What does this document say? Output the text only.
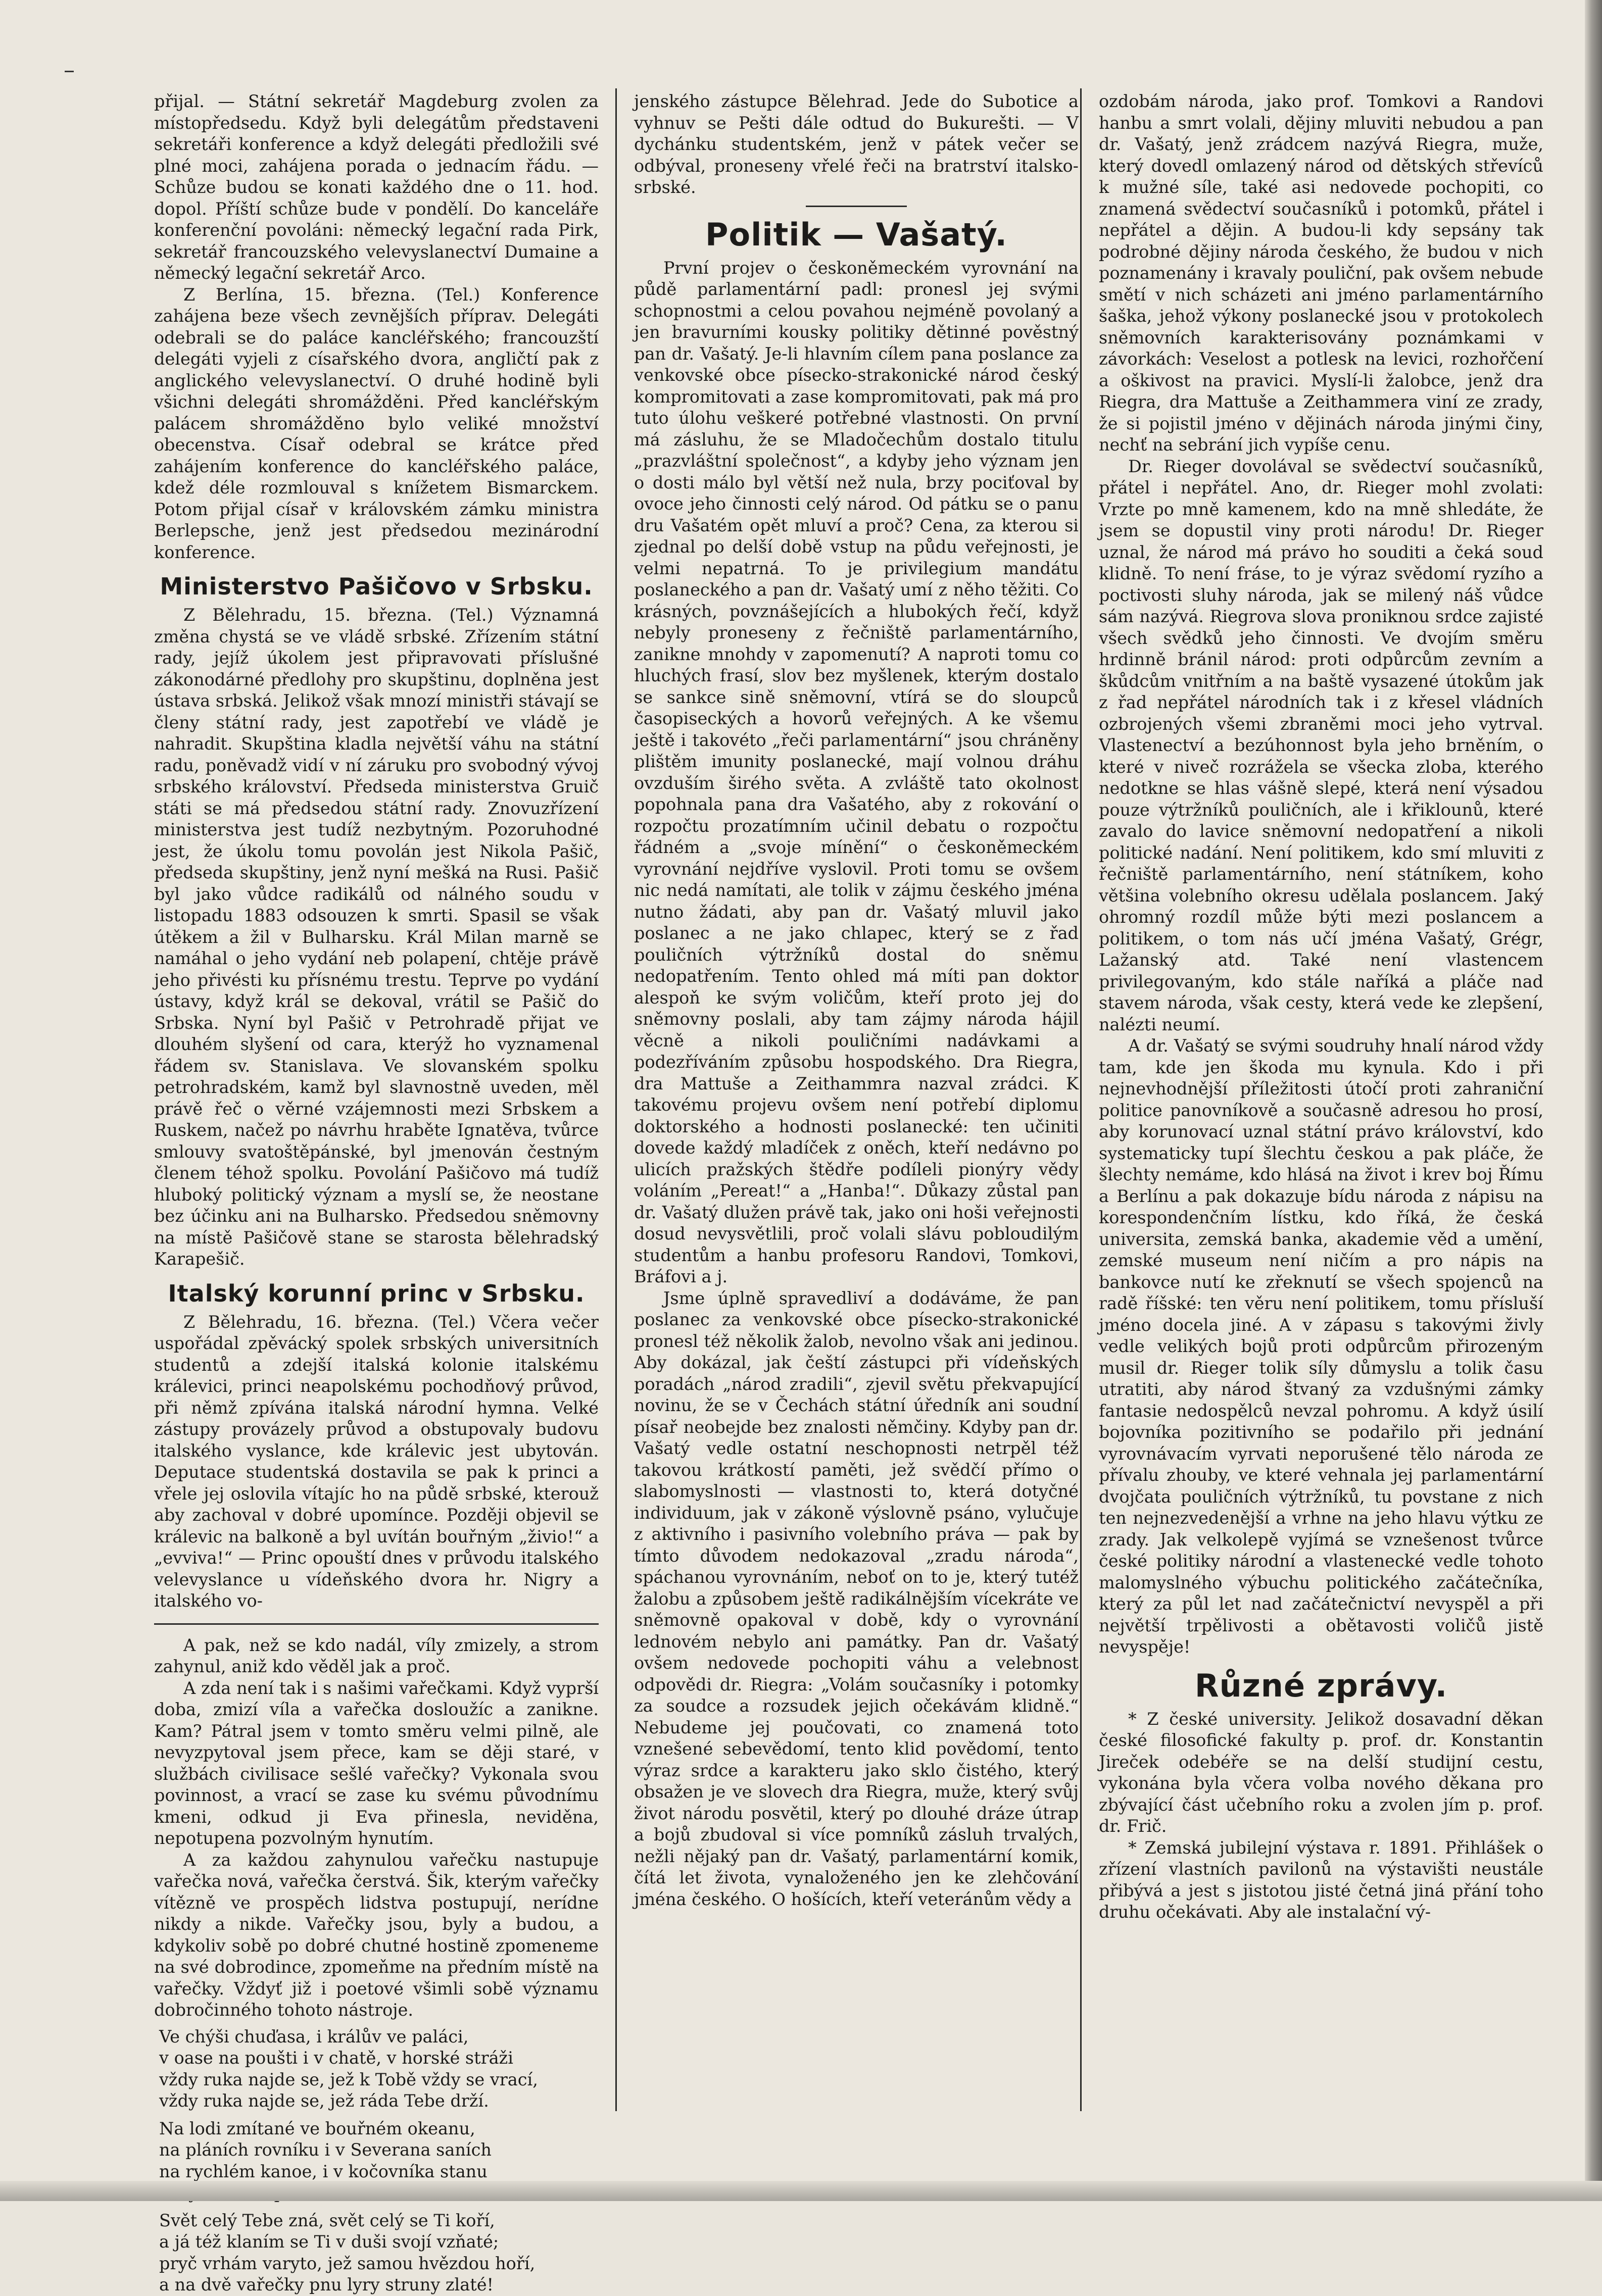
přijal. — Státní sekretář Magdeburg zvolen za místopředsedu. Když byli delegátům představeni sekretáři konference a když delegáti předložili své plné moci, zahájena porada o jednacím řádu. — Schůze budou se konati každého dne o 11. hod. dopol. Příští schůze bude v pondělí. Do kanceláře konferenční povoláni: německý legační rada Pirk, sekretář francouzského velevyslanectví Dumaine a německý legační sekretář Arco.

Z Berlína, 15. března. (Tel.) Konference zahájena beze všech zevnějších příprav. Delegáti odebrali se do paláce kancléřského; francouzští delegáti vyjeli z císařského dvora, angličtí pak z anglického velevyslanectví. O druhé hodině byli všichni delegáti shromážděni. Před kancléřským palácem shromážděno bylo veliké množství obecenstva. Císař odebral se krátce před zahájením konference do kancléřského paláce, kdež déle rozmlouval s knížetem Bismarckem. Potom přijal císař v královském zámku ministra Berlepsche, jenž jest předsedou mezinárodní konference.

Ministerstvo Pašičovo v Srbsku.

Z Bělehradu, 15. března. (Tel.) Významná změna chystá se ve vládě srbské. Zřízením státní rady, jejíž úkolem jest připravovati příslušné zákonodárné předlohy pro skupštinu, doplněna jest ústava srbská. Jelikož však mnozí ministři stávají se členy státní rady, jest zapotřebí ve vládě je nahradit. Skupština kladla největší váhu na státní radu, poněvadž vidí v ní záruku pro svobodný vývoj srbského království. Předseda ministerstva Gruič státi se má předsedou státní rady. Znovuzřízení ministerstva jest tudíž nezbytným. Pozoruhodné jest, že úkolu tomu povolán jest Nikola Pašič, předseda skupštiny, jenž nyní mešká na Rusi. Pašič byl jako vůdce radikálů od nálného soudu v listopadu 1883 odsouzen k smrti. Spasil se však útěkem a žil v Bulharsku. Král Milan marně se namáhal o jeho vydání neb polapení, chtěje právě jeho přivésti ku přísnému trestu. Teprve po vydání ústavy, když král se dekoval, vrátil se Pašič do Srbska. Nyní byl Pašič v Petrohradě přijat ve dlouhém slyšení od cara, kterýž ho vyznamenal řádem sv. Stanislava. Ve slovanském spolku petrohradském, kamž byl slavnostně uveden, měl právě řeč o věrné vzájemnosti mezi Srbskem a Ruskem, načež po návrhu hraběte Ignatěva, tvůrce smlouvy svatoštěpánské, byl jmenován čestným členem téhož spolku. Povolání Pašičovo má tudíž hluboký politický význam a myslí se, že neostane bez účinku ani na Bulharsko. Předsedou sněmovny na místě Pašičově stane se starosta bělehradský Karapešič.

Italský korunní princ v Srbsku.

Z Bělehradu, 16. března. (Tel.) Včera večer uspořádal zpěvácký spolek srbských universitních studentů a zdejší italská kolonie italskému králevici, princi neapolskému pochodňový průvod, při němž zpívána italská národní hymna. Velké zástupy provázely průvod a obstupovaly budovu italského vyslance, kde králevic jest ubytován. Deputace studentská dostavila se pak k princi a vřele jej oslovila vítajíc ho na půdě srbské, kterouž aby zachoval v dobré upomínce. Později objevil se králevic na balkoně a byl uvítán bouřným „živio!“ a „evviva!“ — Princ opouští dnes v průvodu italského velevyslance u vídeňského dvora hr. Nigry a italského vo-

A pak, než se kdo nadál, víly zmizely, a strom zahynul, aniž kdo věděl jak a proč.

A zda není tak i s našimi vařečkami. Když vyprší doba, zmizí víla a vařečka dosloužíc a zanikne. Kam? Pátral jsem v tomto směru velmi pilně, ale nevyzpytoval jsem přece, kam se ději staré, v službách civilisace sešlé vařečky? Vykonala svou povinnost, a vrací se zase ku svému původnímu kmeni, odkud ji Eva přinesla, neviděna, nepotupena pozvolným hynutím.

A za každou zahynulou vařečku nastupuje vařečka nová, vařečka čerstvá. Šik, kterým vařečky vítězně ve prospěch lidstva postupují, nerídne nikdy a nikde. Vařečky jsou, byly a budou, a kdykoliv sobě po dobré chutné hostině zpomeneme na své dobrodince, zpomeňme na předním místě na vařečky. Vždyť již i poetové všimli sobě významu dobročinného tohoto nástroje.

Ve chýši chuďasa, i králův ve paláci,

v oase na poušti i v chatě, v horské stráži

vždy ruka najde se, jež k Tobě vždy se vrací,

vždy ruka najde se, jež ráda Tebe drží.

Na lodi zmítané ve bouřném okeanu,

na pláních rovníku i v Severana saních

na rychlém kanoe, i v kočovníka stanu

Svět celý Tebe zná, svět celý se Ti koří,

a já též klaním se Ti v duši svojí vzňaté;

pryč vrhám varyto, jež samou hvězdou hoří,

a na dvě vařečky pnu lyry struny zlaté!

jenského zástupce Bělehrad. Jede do Subotice a vyhnuv se Pešti dále odtud do Bukurešti. — V dychánku studentském, jenž v pátek večer se odbýval, proneseny vřelé řeči na bratrství italsko-srbské.

Politik — Vašatý.

První projev o českoněmeckém vyrovnání na půdě parlamentární padl: pronesl jej svými schopnostmi a celou povahou nejméně povolaný a jen bravurními kousky politiky dětinné pověstný pan dr. Vašatý. Je-li hlavním cílem pana poslance za venkovské obce písecko-strakonické národ český kompromitovati a zase kompromitovati, pak má pro tuto úlohu veškeré potřebné vlastnosti. On první má zásluhu, že se Mladočechům dostalo titulu „prazvláštní společnost“, a kdyby jeho význam jen o dosti málo byl větší než nula, brzy pociťoval by ovoce jeho činnosti celý národ. Od pátku se o panu dru Vašatém opět mluví a proč? Cena, za kterou si zjednal po delší době vstup na půdu veřejnosti, je velmi nepatrná. To je privilegium mandátu poslaneckého a pan dr. Vašatý umí z něho těžiti. Co krásných, povznášejících a hlubokých řečí, když nebyly proneseny z řečniště parlamentárního, zanikne mnohdy v zapomenutí? A naproti tomu co hluchých frasí, slov bez myšlenek, kterým dostalo se sankce sině sněmovní, vtírá se do sloupců časopiseckých a hovorů veřejných. A ke všemu ještě i takovéto „řeči parlamentární“ jsou chráněny plištěm imunity poslanecké, mají volnou dráhu ovzduším širého světa. A zvláště tato okolnost popohnala pana dra Vašatého, aby z rokování o rozpočtu prozatímním učinil debatu o rozpočtu řádném a „svoje mínění“ o českoněmeckém vyrovnání nejdříve vyslovil. Proti tomu se ovšem nic nedá namítati, ale tolik v zájmu českého jména nutno žádati, aby pan dr. Vašatý mluvil jako poslanec a ne jako chlapec, který se z řad pouličních výtržníků dostal do sněmu nedopatřením. Tento ohled má míti pan doktor alespoň ke svým voličům, kteří proto jej do sněmovny poslali, aby tam zájmy národa hájil věcně a nikoli pouličními nadávkami a podezříváním způsobu hospodského. Dra Riegra, dra Mattuše a Zeithammra nazval zrádci. K takovému projevu ovšem není potřebí diplomu doktorského a hodnosti poslanecké: ten učiniti dovede každý mladíček z oněch, kteří nedávno po ulicích pražských štědře podíleli pionýry vědy voláním „Pereat!“ a „Hanba!“. Důkazy zůstal pan dr. Vašatý dlužen právě tak, jako oni hoši veřejnosti dosud nevysvětlili, proč volali slávu pobloudilým studentům a hanbu profesoru Randovi, Tomkovi, Bráfovi a j.

Jsme úplně spravedliví a dodáváme, že pan poslanec za venkovské obce písecko-strakonické pronesl též několik žalob, nevolno však ani jedinou. Aby dokázal, jak čeští zástupci při vídeňských poradách „národ zradili“, zjevil světu překvapující novinu, že se v Čechách státní úředník ani soudní písař neobejde bez znalosti němčiny. Kdyby pan dr. Vašatý vedle ostatní neschopnosti netrpěl též takovou krátkostí paměti, jež svědčí přímo o slabomyslnosti — vlastnosti to, která dotyčné individuum, jak v zákoně výslovně psáno, vylučuje z aktivního i pasivního volebního práva — pak by tímto důvodem nedokazoval „zradu národa“, spáchanou vyrovnáním, neboť on to je, který tutéž žalobu a způsobem ještě radikálnějším vícekráte ve sněmovně opakoval v době, kdy o vyrovnání lednovém nebylo ani památky. Pan dr. Vašatý ovšem nedovede pochopiti váhu a velebnost odpovědi dr. Riegra: „Volám současníky i potomky za soudce a rozsudek jejich očekávám klidně.“ Nebudeme jej poučovati, co znamená toto vznešené sebevědomí, tento klid povědomí, tento výraz srdce a karakteru jako sklo čistého, který obsažen je ve slovech dra Riegra, muže, který svůj život národu posvětil, který po dlouhé dráze útrap a bojů zbudoval si více pomníků zásluh trvalých, nežli nějaký pan dr. Vašatý, parlamentární komik, čítá let života, vynaloženého jen ke zlehčování jména českého. O hošících, kteří veteránům vědy a

ozdobám národa, jako prof. Tomkovi a Randovi hanbu a smrt volali, dějiny mluviti nebudou a pan dr. Vašatý, jenž zrádcem nazývá Riegra, muže, který dovedl omlazený národ od dětských střevíců k mužné síle, také asi nedovede pochopiti, co znamená svědectví současníků i potomků, přátel i nepřátel a dějin. A budou-li kdy sepsány tak podrobné dějiny národa českého, že budou v nich poznamenány i kravaly pouliční, pak ovšem nebude smětí v nich scházeti ani jméno parlamentárního šaška, jehož výkony poslanecké jsou v protokolech sněmovních karakterisovány poznámkami v závorkách: Veselost a potlesk na levici, rozhořčení a oškivost na pravici. Myslí-li žalobce, jenž dra Riegra, dra Mattuše a Zeithammera viní ze zrady, že si pojistil jméno v dějinách národa jinými činy, nechť na sebrání jich vypíše cenu.

Dr. Rieger dovolával se svědectví současníků, přátel i nepřátel. Ano, dr. Rieger mohl zvolati: Vrzte po mně kamenem, kdo na mně shledáte, že jsem se dopustil viny proti národu! Dr. Rieger uznal, že národ má právo ho souditi a čeká soud klidně. To není fráse, to je výraz svědomí ryzího a poctivosti sluhy národa, jak se milený náš vůdce sám nazývá. Riegrova slova proniknou srdce zajisté všech svědků jeho činnosti. Ve dvojím směru hrdinně bránil národ: proti odpůrcům zevním a škůdcům vnitřním a na baště vysazené útokům jak z řad nepřátel národních tak i z křesel vládních ozbrojených všemi zbraněmi moci jeho vytrval. Vlastenectví a bezúhonnost byla jeho brněním, o které v niveč rozrážela se všecka zloba, kterého nedotkne se hlas vášně slepé, která není výsadou pouze výtržníků pouličních, ale i křiklounů, které zavalo do lavice sněmovní nedopatření a nikoli politické nadání. Není politikem, kdo smí mluviti z řečniště parlamentárního, není státníkem, koho většina volebního okresu udělala poslancem. Jaký ohromný rozdíl může býti mezi poslancem a politikem, o tom nás učí jména Vašatý, Grégr, Lažanský atd. Také není vlastencem privilegovaným, kdo stále naříká a pláče nad stavem národa, však cesty, která vede ke zlepšení, nalézti neumí.

A dr. Vašatý se svými soudruhy hnalí národ vždy tam, kde jen škoda mu kynula. Kdo i při nejnevhodnější příležitosti útočí proti zahraniční politice panovníkově a současně adresou ho prosí, aby korunovací uznal státní právo království, kdo systematicky tupí šlechtu českou a pak pláče, že šlechty nemáme, kdo hlásá na život i krev boj Římu a Berlínu a pak dokazuje bídu národa z nápisu na korespondenčním lístku, kdo říká, že česká universita, zemská banka, akademie věd a umění, zemské museum není ničím a pro nápis na bankovce nutí ke zřeknutí se všech spojenců na radě říšské: ten věru není politikem, tomu přísluší jméno docela jiné. A v zápasu s takovými živly vedle velikých bojů proti odpůrcům přirozeným musil dr. Rieger tolik síly důmyslu a tolik času utratiti, aby národ štvaný za vzdušnými zámky fantasie nedospělců nevzal pohromu. A když úsilí bojovníka pozitivního se podařilo při jednání vyrovnávacím vyrvati neporušené tělo národa ze přívalu zhouby, ve které vehnala jej parlamentární dvojčata pouličních výtržníků, tu povstane z nich ten nejnezvedenější a vrhne na jeho hlavu výtku ze zrady. Jak velkolepě vyjímá se vznešenost tvůrce české politiky národní a vlastenecké vedle tohoto malomyslného výbuchu politického začátečníka, který za půl let nad začátečnictví nevyspěl a při největší trpělivosti a obětavosti voličů jistě nevyspěje!

Různé zprávy.

* Z české university. Jelikož dosavadní děkan české filosofické fakulty p. prof. dr. Konstantin Jireček odebéře se na delší studijní cestu, vykonána byla včera volba nového děkana pro zbývající část učebního roku a zvolen jím p. prof. dr. Frič.

* Zemská jubilejní výstava r. 1891. Přihlášek o zřízení vlastních pavilonů na výstavišti neustále přibývá a jest s jistotou jisté četná jiná přání toho druhu očekávati. Aby ale instalační vý-
